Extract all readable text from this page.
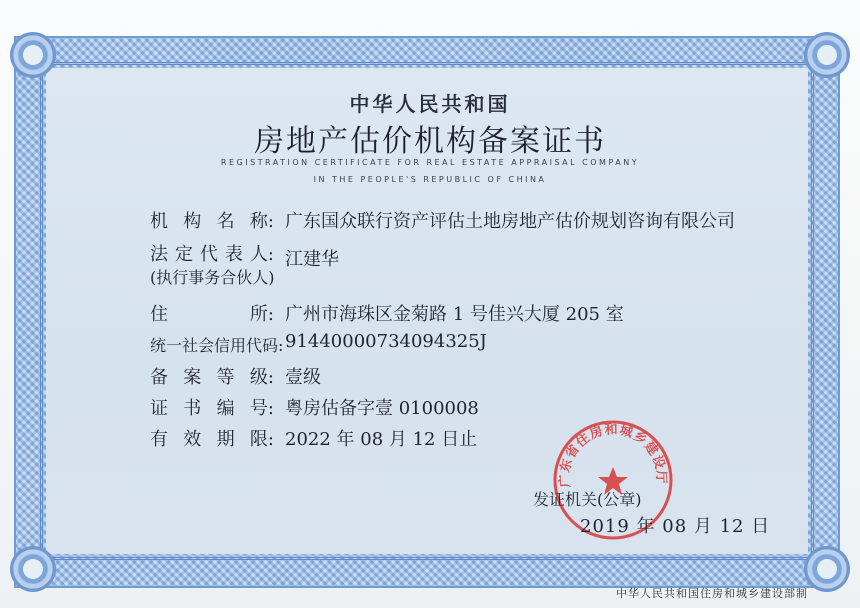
中华人民共和国
房地产估价机构备案证书
REGISTRATION CERTIFICATE FOR REAL ESTATE APPRAISAL COMPANY
IN THE PEOPLE'S REPUBLIC OF CHINA
机 构 名 称: 广东国众联行资产评估土地房地产估价规划咨询有限公司
法 定 代 表 人:
(执行事务合伙人)
江建华
住	所: 广州市海珠区金菊路 1 号佳兴大厦 205 室
统一社会信用代码: 91440000734094325J
备 案 等 级: 壹级
证 书 编 号: 粤房估备字壹 0100008
有 效 期 限: 2022 年 08 月 12 日止
广东省住房和城乡建设厅
发证机关(公章)
2019 年 08 月 12 日
中华人民共和国住房和城乡建设部制
